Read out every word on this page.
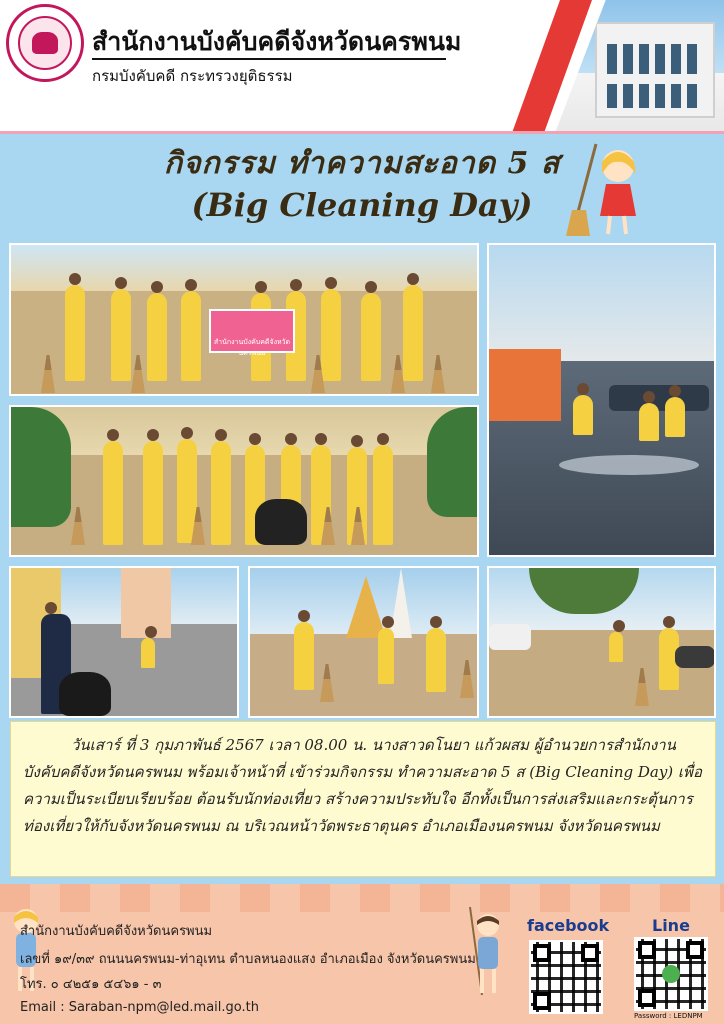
สำนักงานบังคับคดีจังหวัดนครพนม
กรมบังคับคดี กระทรวงยุติธรรม
กิจกรรม ทำความสะอาด 5 ส
(Big Cleaning Day)
สำนักงานบังคับคดีจังหวัดนครพนม

วันเสาร์ ที่ 3 กุมภาพันธ์ 2567 เวลา 08.00 น. นางสาวดโนยา แก้วผสม ผู้อำนวยการสำนักงานบังคับคดีจังหวัดนครพนม พร้อมเจ้าหน้าที่ เข้าร่วมกิจกรรม ทำความสะอาด 5 ส (Big Cleaning Day) เพื่อความเป็นระเบียบเรียบร้อย ต้อนรับนักท่องเที่ยว สร้างความประทับใจ อีกทั้งเป็นการส่งเสริมและกระตุ้นการท่องเที่ยวให้กับจังหวัดนครพนม ณ บริเวณหน้าวัดพระธาตุนคร อำเภอเมืองนครพนม จังหวัดนครพนม

สำนักงานบังคับคดีจังหวัดนครพนม
เลขที่ ๑๙/๓๙ ถนนนครพนม-ท่าอุเทน ตำบลหนองแสง อำเภอเมือง จังหวัดนครพนม
โทร. ๐ ๔๒๕๑ ๕๔๖๑ - ๓
Email : Saraban-npm@led.mail.go.th
facebook	Line
Password : LEDNPM
